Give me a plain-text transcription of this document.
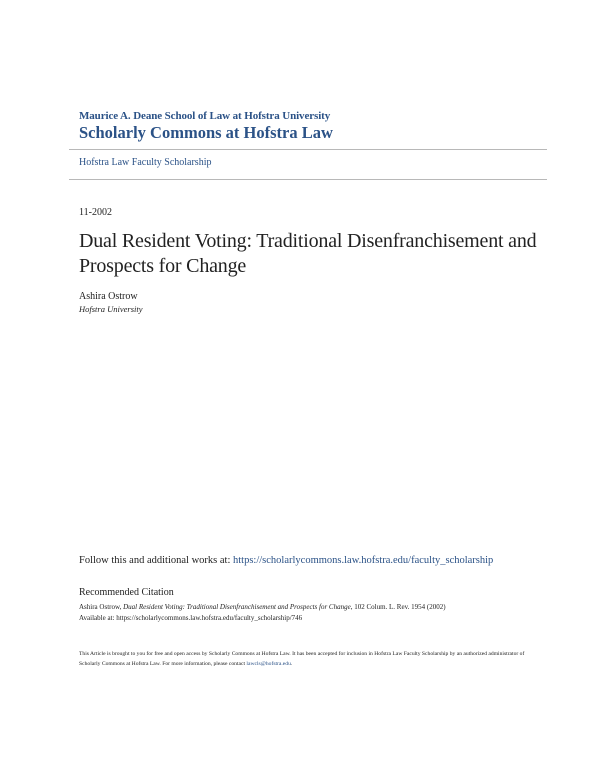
Maurice A. Deane School of Law at Hofstra University
Scholarly Commons at Hofstra Law
Hofstra Law Faculty Scholarship
11-2002
Dual Resident Voting: Traditional Disenfranchisement and Prospects for Change
Ashira Ostrow
Hofstra University
Follow this and additional works at: https://scholarlycommons.law.hofstra.edu/faculty_scholarship
Recommended Citation
Ashira Ostrow, Dual Resident Voting: Traditional Disenfranchisement and Prospects for Change, 102 Colum. L. Rev. 1954 (2002)
Available at: https://scholarlycommons.law.hofstra.edu/faculty_scholarship/746
This Article is brought to you for free and open access by Scholarly Commons at Hofstra Law. It has been accepted for inclusion in Hofstra Law Faculty Scholarship by an authorized administrator of Scholarly Commons at Hofstra Law. For more information, please contact lawcls@hofstra.edu.
